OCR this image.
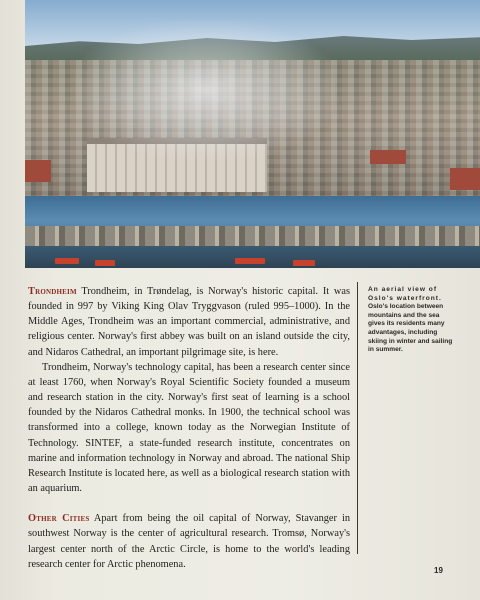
Trondheim Trondheim, in Trøndelag, is Norway's historic capital. It was founded in 997 by Viking King Olav Tryggvason (ruled 995–1000). In the Middle Ages, Trondheim was an important commercial, administrative, and religious center. Norway's first abbey was built on an island outside the city, and Nidaros Cathedral, an important pilgrimage site, is here.

Trondheim, Norway's technology capital, has been a research center since at least 1760, when Norway's Royal Scientific Society founded a museum and research station in the city. Norway's first seat of learning is a school founded by the Nidaros Cathedral monks. In 1900, the technical school was transformed into a college, known today as the Norwegian Institute of Technology. SINTEF, a state-funded research institute, concentrates on marine and information technology in Norway and abroad. The national Ship Research Institute is located here, as well as a biological research station with an aquarium.

Other Cities Apart from being the oil capital of Norway, Stavanger in southwest Norway is the center of agricultural research. Tromsø, Norway's largest center north of the Arctic Circle, is home to the world's leading research center for Arctic phenomena.

An aerial view of Oslo's waterfront. Oslo's location between mountains and the sea gives its residents many advantages, including skiing in winter and sailing in summer.
19
